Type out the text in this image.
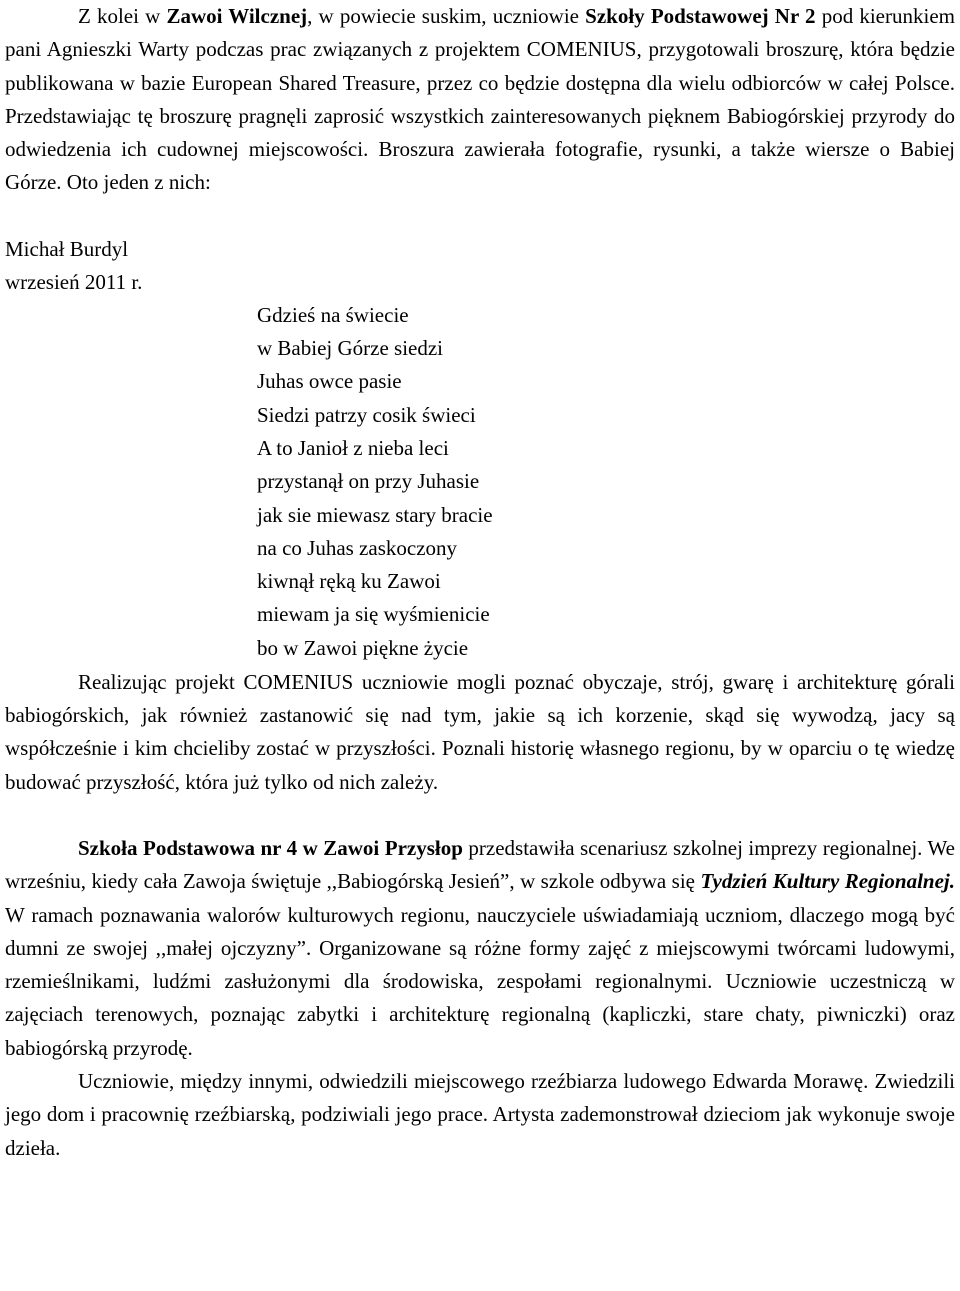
Z kolei w Zawoi Wilcznej, w powiecie suskim, uczniowie Szkoły Podstawowej Nr 2 pod kierunkiem pani Agnieszki Warty podczas prac związanych z projektem COMENIUS, przygotowali broszurę, która będzie publikowana w bazie European Shared Treasure, przez co będzie dostępna dla wielu odbiorców w całej Polsce. Przedstawiając tę broszurę pragnęli zaprosić wszystkich zainteresowanych pięknem Babiogórskiej przyrody do odwiedzenia ich cudownej miejscowości. Broszura zawierała fotografie, rysunki, a także wiersze o Babiej Górze. Oto jeden z nich:

Michał Burdyl
wrzesień 2011 r.
Gdzieś na świecie
w Babiej Górze siedzi
Juhas owce pasie
Siedzi patrzy cosik świeci
A to Janioł z nieba leci
przystanął on przy Juhasie
jak sie miewasz stary bracie
na co Juhas zaskoczony
kiwnął ręką ku Zawoi
miewam ja się wyśmienicie
bo w Zawoi piękne życie

Realizując projekt COMENIUS uczniowie mogli poznać obyczaje, strój, gwarę i architekturę górali babiogórskich, jak również zastanowić się nad tym, jakie są ich korzenie, skąd się wywodzą, jacy są współcześnie i kim chcieliby zostać w przyszłości. Poznali historię własnego regionu, by w oparciu o tę wiedzę budować przyszłość, która już tylko od nich zależy.

Szkoła Podstawowa nr 4 w Zawoi Przysłop przedstawiła scenariusz szkolnej imprezy regionalnej. We wrześniu, kiedy cała Zawoja świętuje ,,Babiogórską Jesień”, w szkole odbywa się Tydzień Kultury Regionalnej. W ramach poznawania walorów kulturowych regionu, nauczyciele uświadamiają uczniom, dlaczego mogą być dumni ze swojej ,,małej ojczyzny”. Organizowane są różne formy zajęć z miejscowymi twórcami ludowymi, rzemieślnikami, ludźmi zasłużonymi dla środowiska, zespołami regionalnymi. Uczniowie uczestniczą w zajęciach terenowych, poznając zabytki i architekturę regionalną (kapliczki, stare chaty, piwniczki) oraz babiogórską przyrodę.

Uczniowie, między innymi, odwiedzili miejscowego rzeźbiarza ludowego Edwarda Morawę. Zwiedzili jego dom i pracownię rzeźbiarską, podziwiali jego prace. Artysta zademonstrował dzieciom jak wykonuje swoje dzieła.
